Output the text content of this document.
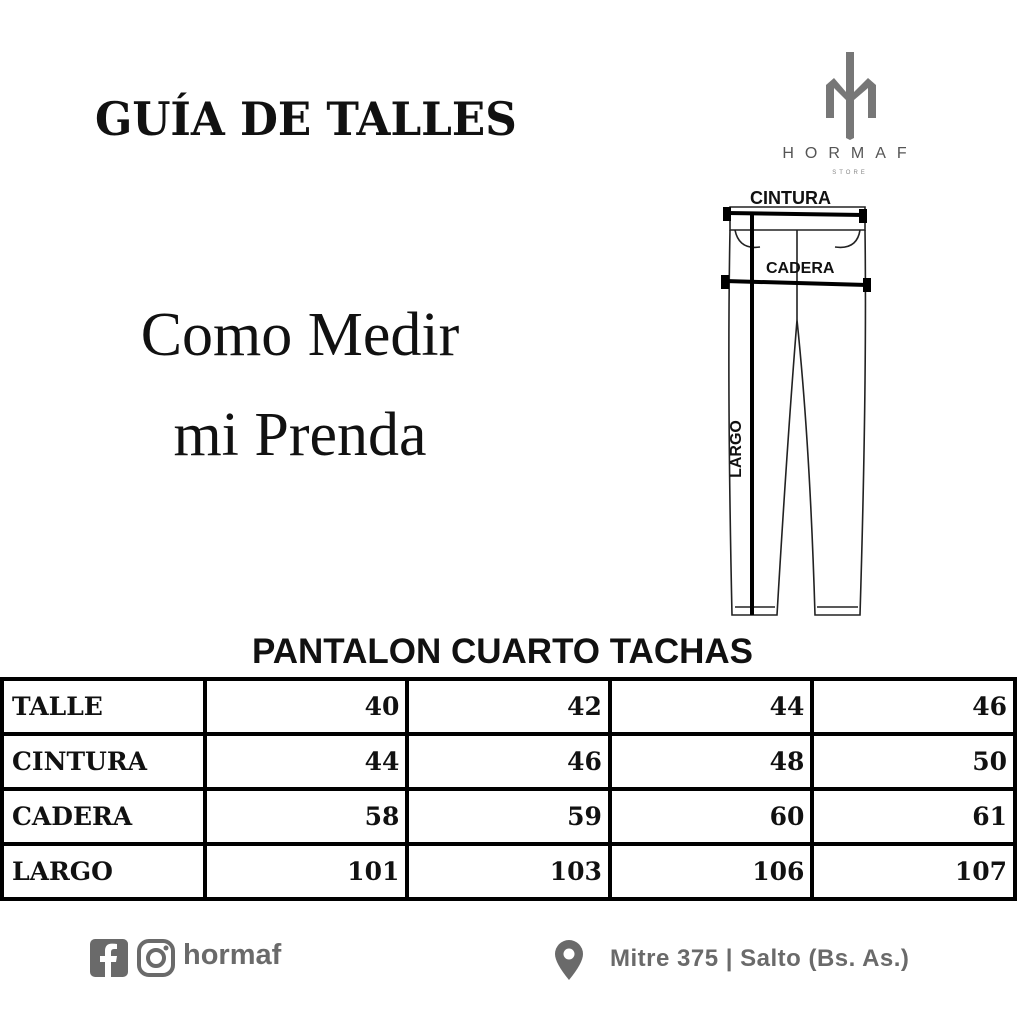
GUÍA DE TALLES
Como Medir
mi Prenda
HORMAF
STORE
CINTURA
CADERA
LARGO
PANTALON CUARTO TACHAS
TALLE	40	42	44	46
CINTURA	44	46	48	50
CADERA	58	59	60	61
LARGO	101	103	106	107
hormaf	Mitre 375 | Salto (Bs. As.)
